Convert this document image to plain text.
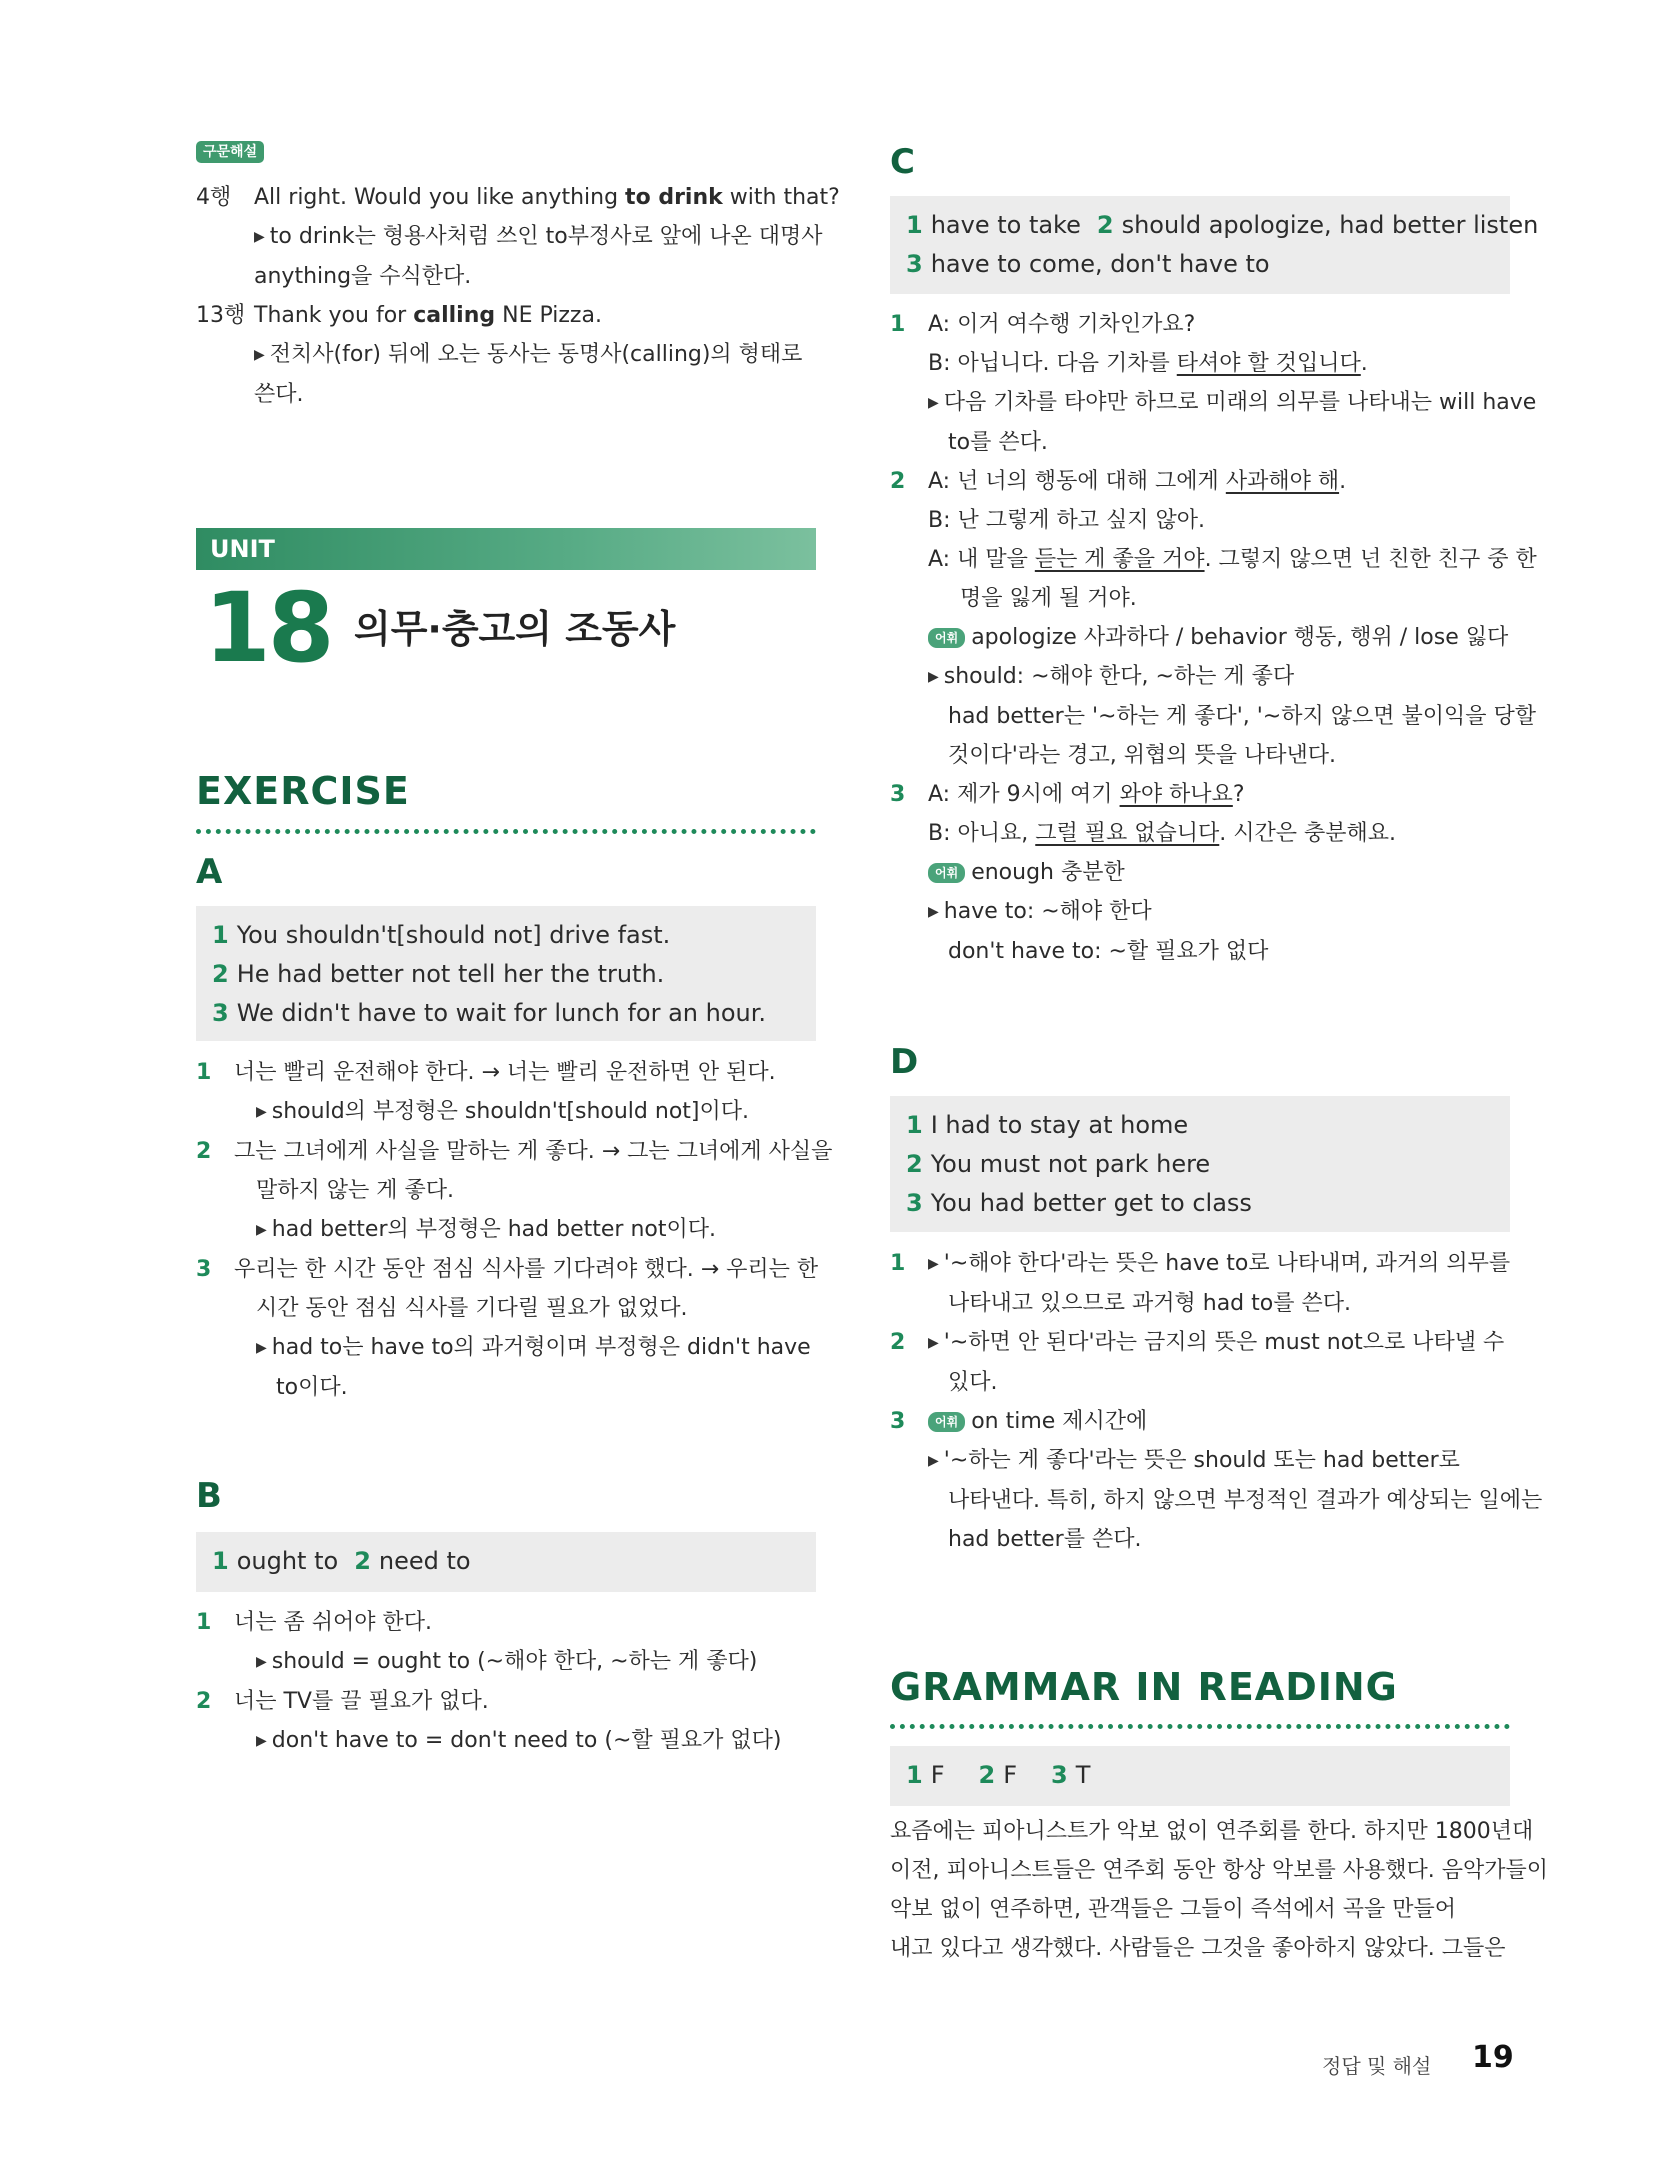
구문해설
4행 All right. Would you like anything to drink with that?
▶ to drink는 형용사처럼 쓰인 to부정사로 앞에 나온 대명사
anything을 수식한다.
13행 Thank you for calling NE Pizza.
▶ 전치사(for) 뒤에 오는 동사는 동명사(calling)의 형태로
쓴다.
UNIT
18 의무·충고의 조동사
EXERCISE
A
1 You shouldn't[should not] drive fast.
2 He had better not tell her the truth.
3 We didn't have to wait for lunch for an hour.
1 너는 빨리 운전해야 한다. → 너는 빨리 운전하면 안 된다.
▶ should의 부정형은 shouldn't[should not]이다.
2 그는 그녀에게 사실을 말하는 게 좋다. → 그는 그녀에게 사실을
말하지 않는 게 좋다.
▶ had better의 부정형은 had better not이다.
3 우리는 한 시간 동안 점심 식사를 기다려야 했다. → 우리는 한
시간 동안 점심 식사를 기다릴 필요가 없었다.
▶ had to는 have to의 과거형이며 부정형은 didn't have
to이다.
B
1 ought to 2 need to
1 너는 좀 쉬어야 한다.
▶ should = ought to (~해야 한다, ~하는 게 좋다)
2 너는 TV를 끌 필요가 없다.
▶ don't have to = don't need to (~할 필요가 없다)
C
1 have to take 2 should apologize, had better listen
3 have to come, don't have to
1 A: 이거 여수행 기차인가요?
B: 아닙니다. 다음 기차를 타셔야 할 것입니다.
▶ 다음 기차를 타야만 하므로 미래의 의무를 나타내는 will have
to를 쓴다.
2 A: 넌 너의 행동에 대해 그에게 사과해야 해.
B: 난 그렇게 하고 싶지 않아.
A: 내 말을 듣는 게 좋을 거야. 그렇지 않으면 넌 친한 친구 중 한
명을 잃게 될 거야.
어휘 apologize 사과하다 / behavior 행동, 행위 / lose 잃다
▶ should: ~해야 한다, ~하는 게 좋다
had better는 '~하는 게 좋다', '~하지 않으면 불이익을 당할
것이다'라는 경고, 위협의 뜻을 나타낸다.
3 A: 제가 9시에 여기 와야 하나요?
B: 아니요, 그럴 필요 없습니다. 시간은 충분해요.
어휘 enough 충분한
▶ have to: ~해야 한다
don't have to: ~할 필요가 없다
D
1 I had to stay at home
2 You must not park here
3 You had better get to class
1 ▶ '~해야 한다'라는 뜻은 have to로 나타내며, 과거의 의무를
나타내고 있으므로 과거형 had to를 쓴다.
2 ▶ '~하면 안 된다'라는 금지의 뜻은 must not으로 나타낼 수
있다.
3 어휘 on time 제시간에
▶ '~하는 게 좋다'라는 뜻은 should 또는 had better로
나타낸다. 특히, 하지 않으면 부정적인 결과가 예상되는 일에는
had better를 쓴다.
GRAMMAR IN READING
1 F 2 F 3 T
요즘에는 피아니스트가 악보 없이 연주회를 한다. 하지만 1800년대
이전, 피아니스트들은 연주회 동안 항상 악보를 사용했다. 음악가들이
악보 없이 연주하면, 관객들은 그들이 즉석에서 곡을 만들어
내고 있다고 생각했다. 사람들은 그것을 좋아하지 않았다. 그들은
정답 및 해설 19
